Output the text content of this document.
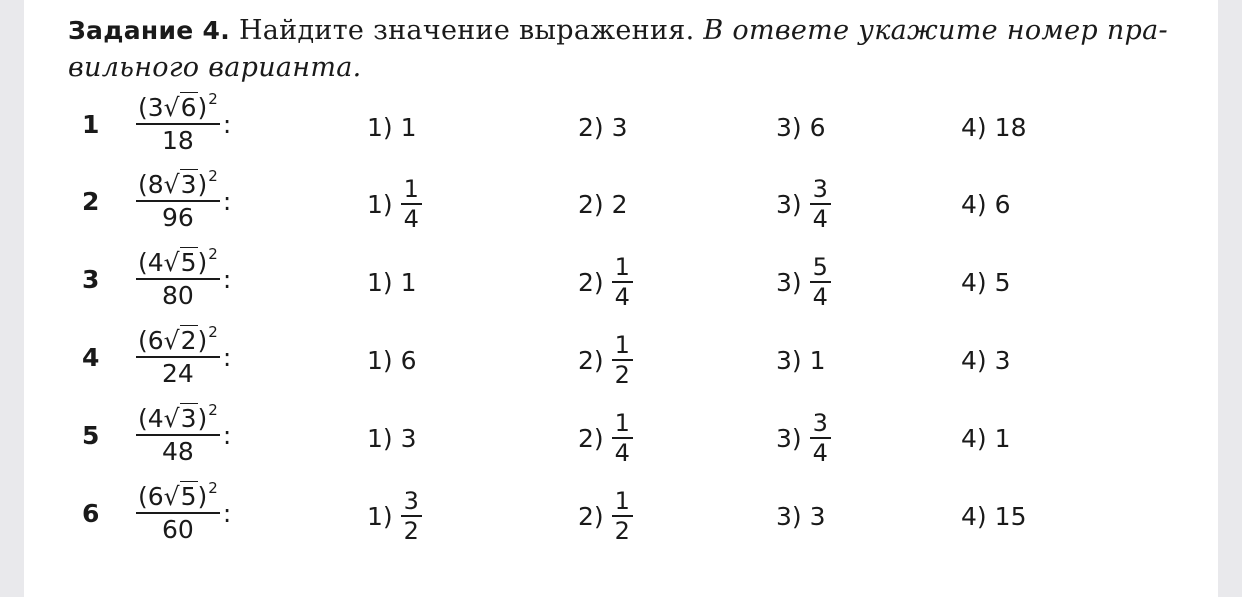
Задание 4. Найдите значение выражения. В ответе укажите номер пра-
вильного варианта.
$1 \frac{(3√6)^2}{18}$ :	1) 1	2) 3	3) 6	4) 18
$2 \frac{(8√3)^2}{96}$ :	$1) \frac{1}{4}$	2) 2	$3) \frac{3}{4}$	4) 6
$3 \frac{(4√5)^2}{80}$ :	1) 1	$2) \frac{1}{4}$	$3) \frac{5}{4}$	4) 5
$4 \frac{(6√2)^2}{24}$ :	1) 6	$2) \frac{1}{2}$	3) 1	4) 3
$5 \frac{(4√3)^2}{48}$ :	1) 3	$2) \frac{1}{4}$	$3) \frac{3}{4}$	4) 1
$6 \frac{(6√5)^2}{60}$ :	$1) \frac{3}{2}$	$2) \frac{1}{2}$	3) 3	4) 15
